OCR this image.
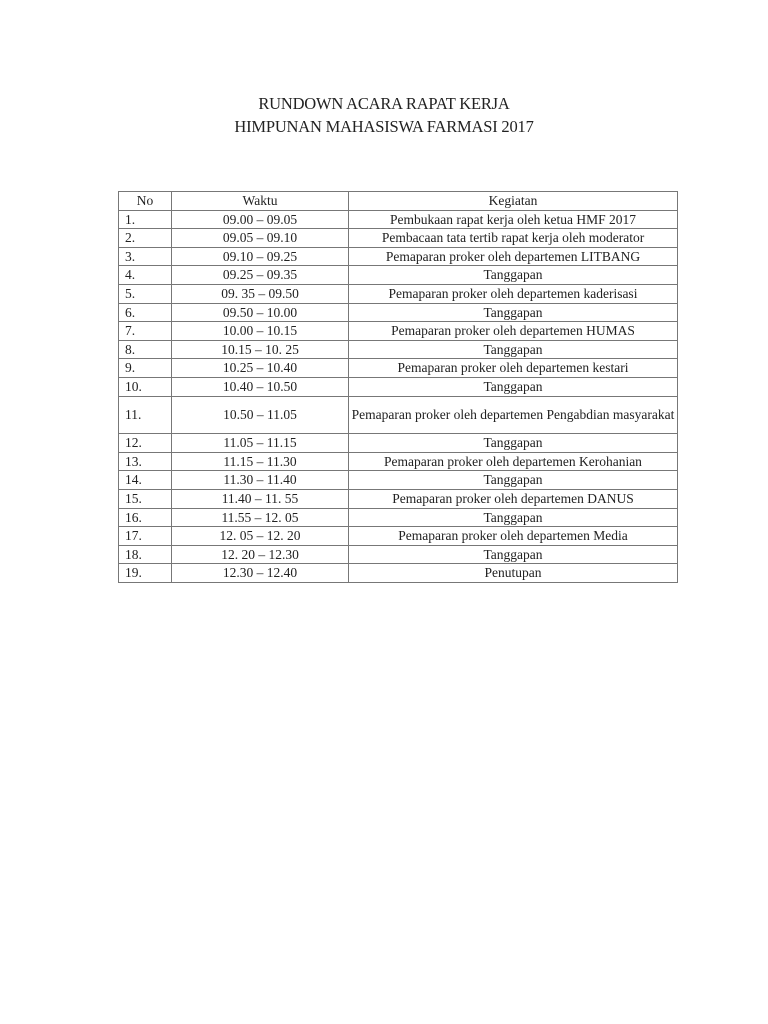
RUNDOWN ACARA RAPAT KERJA
HIMPUNAN MAHASISWA FARMASI 2017
No	Waktu	Kegiatan
1.	09.00 – 09.05	Pembukaan rapat kerja oleh ketua HMF 2017
2.	09.05 – 09.10	Pembacaan tata tertib rapat kerja oleh moderator
3.	09.10 – 09.25	Pemaparan proker oleh departemen LITBANG
4.	09.25 – 09.35	Tanggapan
5.	09. 35 – 09.50	Pemaparan proker oleh departemen kaderisasi
6.	09.50 – 10.00	Tanggapan
7.	10.00 – 10.15	Pemaparan proker oleh departemen HUMAS
8.	10.15 – 10. 25	Tanggapan
9.	10.25 – 10.40	Pemaparan proker oleh departemen kestari
10.	10.40 – 10.50	Tanggapan
11.	10.50 – 11.05	Pemaparan proker oleh departemen Pengabdian masyarakat
12.	11.05 – 11.15	Tanggapan
13.	11.15 – 11.30	Pemaparan proker oleh departemen Kerohanian
14.	11.30 – 11.40	Tanggapan
15.	11.40 – 11. 55	Pemaparan proker oleh departemen DANUS
16.	11.55 – 12. 05	Tanggapan
17.	12. 05 – 12. 20	Pemaparan proker oleh departemen Media
18.	12. 20 – 12.30	Tanggapan
19.	12.30 – 12.40	Penutupan
